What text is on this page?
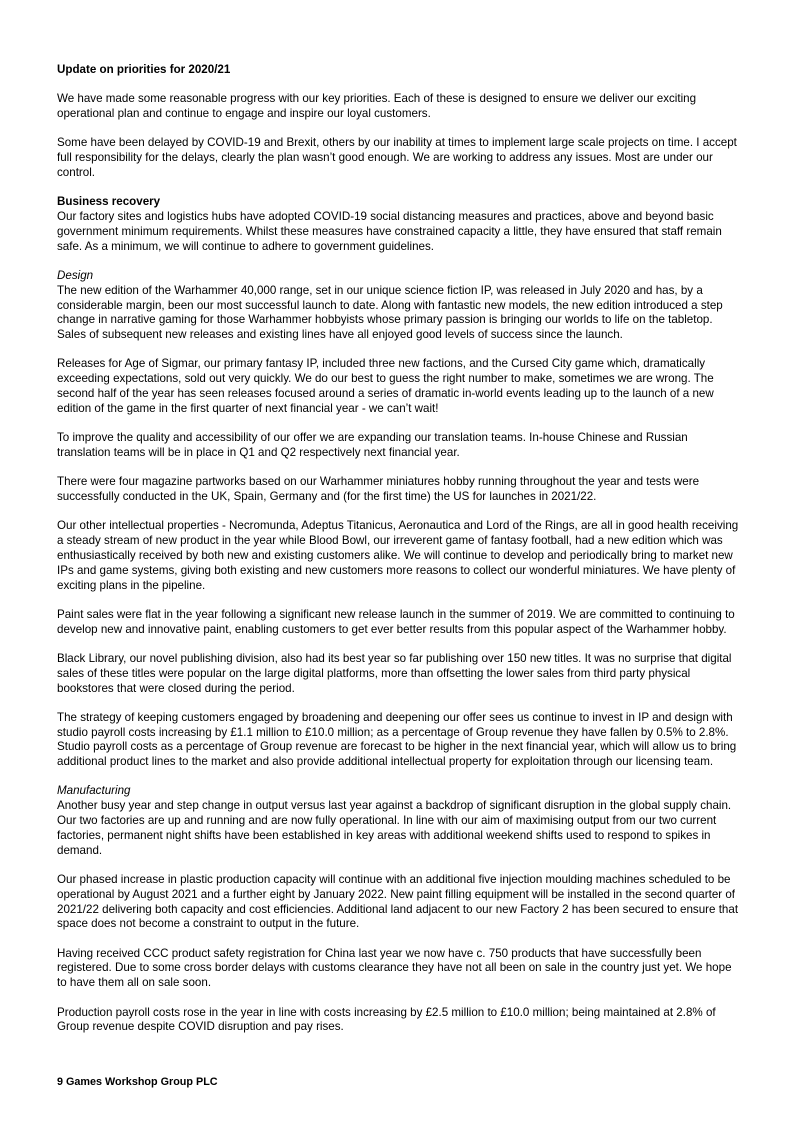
Update on priorities for 2020/21

We have made some reasonable progress with our key priorities. Each of these is designed to ensure we deliver our exciting operational plan and continue to engage and inspire our loyal customers.

Some have been delayed by COVID-19 and Brexit, others by our inability at times to implement large scale projects on time. I accept full responsibility for the delays, clearly the plan wasn’t good enough. We are working to address any issues. Most are under our control.

Business recovery

Our factory sites and logistics hubs have adopted COVID-19 social distancing measures and practices, above and beyond basic government minimum requirements. Whilst these measures have constrained capacity a little, they have ensured that staff remain safe. As a minimum, we will continue to adhere to government guidelines.

Design

The new edition of the Warhammer 40,000 range, set in our unique science fiction IP, was released in July 2020 and has, by a considerable margin, been our most successful launch to date. Along with fantastic new models, the new edition introduced a step change in narrative gaming for those Warhammer hobbyists whose primary passion is bringing our worlds to life on the tabletop. Sales of subsequent new releases and existing lines have all enjoyed good levels of success since the launch.

Releases for Age of Sigmar, our primary fantasy IP, included three new factions, and the Cursed City game which, dramatically exceeding expectations, sold out very quickly. We do our best to guess the right number to make, sometimes we are wrong. The second half of the year has seen releases focused around a series of dramatic in-world events leading up to the launch of a new edition of the game in the first quarter of next financial year - we can’t wait!

To improve the quality and accessibility of our offer we are expanding our translation teams. In-house Chinese and Russian translation teams will be in place in Q1 and Q2 respectively next financial year.

There were four magazine partworks based on our Warhammer miniatures hobby running throughout the year and tests were successfully conducted in the UK, Spain, Germany and (for the first time) the US for launches in 2021/22.

Our other intellectual properties - Necromunda, Adeptus Titanicus, Aeronautica and Lord of the Rings, are all in good health receiving a steady stream of new product in the year while Blood Bowl, our irreverent game of fantasy football, had a new edition which was enthusiastically received by both new and existing customers alike. We will continue to develop and periodically bring to market new IPs and game systems, giving both existing and new customers more reasons to collect our wonderful miniatures. We have plenty of exciting plans in the pipeline.

Paint sales were flat in the year following a significant new release launch in the summer of 2019. We are committed to continuing to develop new and innovative paint, enabling customers to get ever better results from this popular aspect of the Warhammer hobby.

Black Library, our novel publishing division, also had its best year so far publishing over 150 new titles. It was no surprise that digital sales of these titles were popular on the large digital platforms, more than offsetting the lower sales from third party physical bookstores that were closed during the period.

The strategy of keeping customers engaged by broadening and deepening our offer sees us continue to invest in IP and design with studio payroll costs increasing by £1.1 million to £10.0 million; as a percentage of Group revenue they have fallen by 0.5% to 2.8%. Studio payroll costs as a percentage of Group revenue are forecast to be higher in the next financial year, which will allow us to bring additional product lines to the market and also provide additional intellectual property for exploitation through our licensing team.

Manufacturing

Another busy year and step change in output versus last year against a backdrop of significant disruption in the global supply chain. Our two factories are up and running and are now fully operational. In line with our aim of maximising output from our two current factories, permanent night shifts have been established in key areas with additional weekend shifts used to respond to spikes in demand.

Our phased increase in plastic production capacity will continue with an additional five injection moulding machines scheduled to be operational by August 2021 and a further eight by January 2022. New paint filling equipment will be installed in the second quarter of 2021/22 delivering both capacity and cost efficiencies. Additional land adjacent to our new Factory 2 has been secured to ensure that space does not become a constraint to output in the future.

Having received CCC product safety registration for China last year we now have c. 750 products that have successfully been registered. Due to some cross border delays with customs clearance they have not all been on sale in the country just yet. We hope to have them all on sale soon.

Production payroll costs rose in the year in line with costs increasing by £2.5 million to £10.0 million; being maintained at 2.8% of Group revenue despite COVID disruption and pay rises.

9 Games Workshop Group PLC
